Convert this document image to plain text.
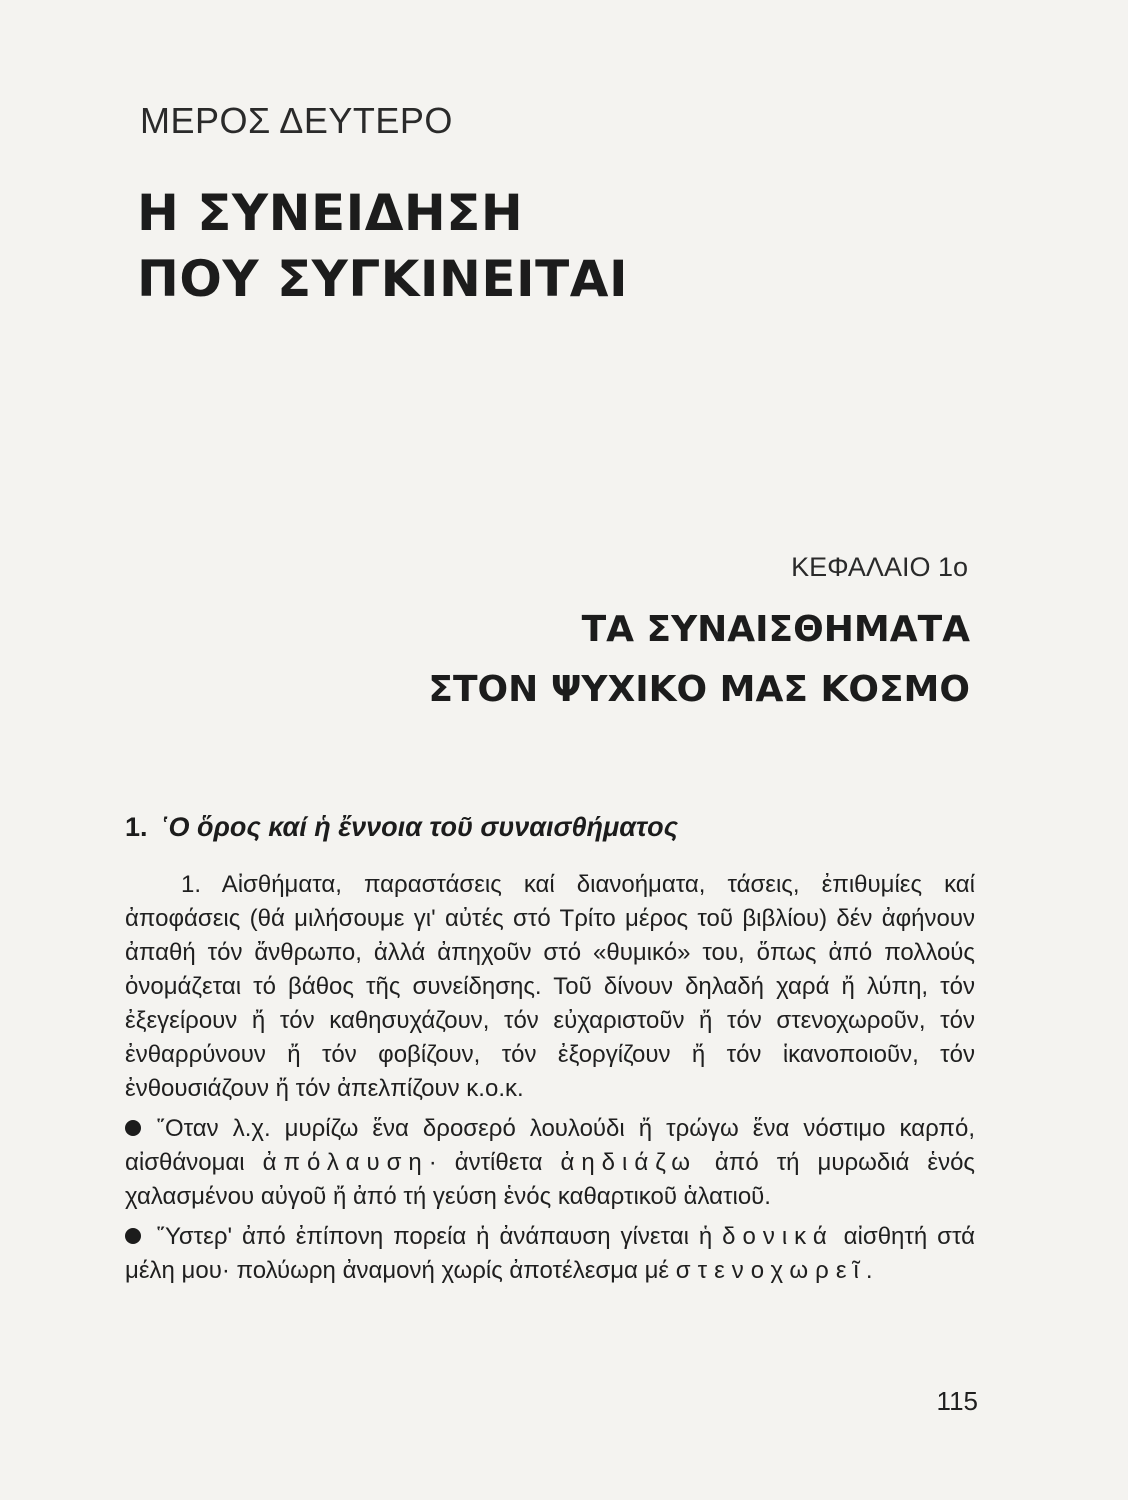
ΜΕΡΟΣ ΔΕΥΤΕΡΟ
Η ΣΥΝΕΙΔΗΣΗ
ΠΟΥ ΣΥΓΚΙΝΕΙΤΑΙ
ΚΕΦΑΛΑΙΟ 1ο
ΤΑ ΣΥΝΑΙΣΘΗΜΑΤΑ
ΣΤΟΝ ΨΥΧΙΚΟ ΜΑΣ ΚΟΣΜΟ
1. ῾Ο ὅρος καί ἡ ἔννοια τοῦ συναισθήματος

1. Αἰσθήματα, παραστάσεις καί διανοήματα, τάσεις, ἐπιθυμίες καί ἀποφάσεις (θά μιλήσουμε γι' αὐτές στό Τρίτο μέρος τοῦ βιβλίου) δέν ἀφήνουν ἀπαθή τόν ἄνθρωπο, ἀλλά ἀπηχοῦν στό «θυμικό» του, ὅπως ἀπό πολλούς ὀνομάζεται τό βάθος τῆς συνείδησης. Τοῦ δίνουν δηλαδή χαρά ἤ λύπη, τόν ἐξεγείρουν ἤ τόν καθησυχάζουν, τόν εὐχαριστοῦν ἤ τόν στενοχωροῦν, τόν ἐνθαρρύνουν ἤ τόν φοβίζουν, τόν ἐξοργίζουν ἤ τόν ἱκανοποιοῦν, τόν ἐνθουσιάζουν ἤ τόν ἀπελπίζουν κ.ο.κ.

῞Οταν λ.χ. μυρίζω ἕνα δροσερό λουλούδι ἤ τρώγω ἕνα νόστιμο καρπό, αἰσθάνομαι ἀπόλαυση· ἀντίθετα ἀηδιάζω ἀπό τή μυρωδιά ἑνός χαλασμένου αὐγοῦ ἤ ἀπό τή γεύση ἑνός καθαρτικοῦ ἁλατιοῦ.

῞Υστερ' ἀπό ἐπίπονη πορεία ἡ ἀνάπαυση γίνεται ἡ δονικά αἰσθητή στά μέλη μου· πολύωρη ἀναμονή χωρίς ἀποτέλεσμα μέ στενοχωρεῖ.

115
